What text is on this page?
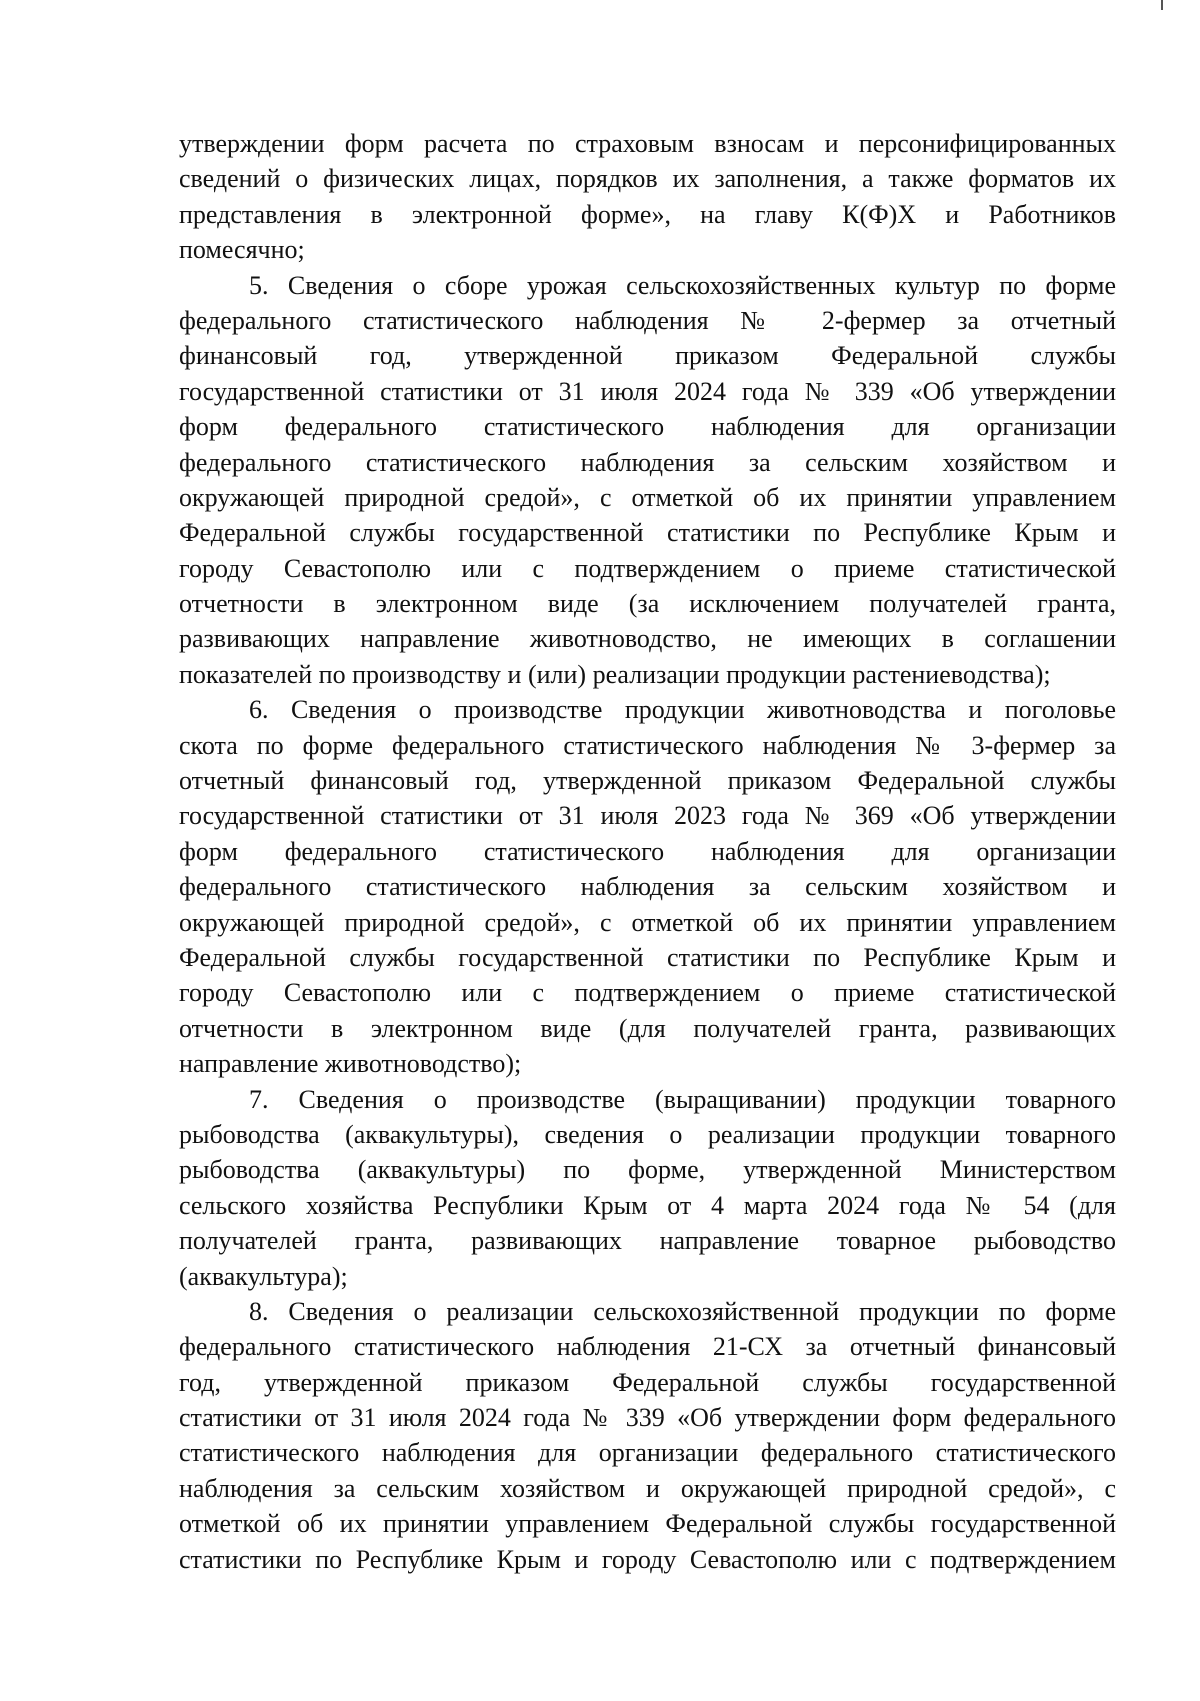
утверждении форм расчета по страховым взносам и персонифицированных
сведений о физических лицах, порядков их заполнения, а также форматов их
представления в электронной форме», на главу К(Ф)Х и Работников
помесячно;
5. Сведения о сборе урожая сельскохозяйственных культур по форме
федерального статистического наблюдения № 2-фермер за отчетный
финансовый год, утвержденной приказом Федеральной службы
государственной статистики от 31 июля 2024 года № 339 «Об утверждении
форм федерального статистического наблюдения для организации
федерального статистического наблюдения за сельским хозяйством и
окружающей природной средой», с отметкой об их принятии управлением
Федеральной службы государственной статистики по Республике Крым и
городу Севастополю или с подтверждением о приеме статистической
отчетности в электронном виде (за исключением получателей гранта,
развивающих направление животноводство, не имеющих в соглашении
показателей по производству и (или) реализации продукции растениеводства);
6. Сведения о производстве продукции животноводства и поголовье
скота по форме федерального статистического наблюдения № 3-фермер за
отчетный финансовый год, утвержденной приказом Федеральной службы
государственной статистики от 31 июля 2023 года № 369 «Об утверждении
форм федерального статистического наблюдения для организации
федерального статистического наблюдения за сельским хозяйством и
окружающей природной средой», с отметкой об их принятии управлением
Федеральной службы государственной статистики по Республике Крым и
городу Севастополю или с подтверждением о приеме статистической
отчетности в электронном виде (для получателей гранта, развивающих
направление животноводство);
7. Сведения о производстве (выращивании) продукции товарного
рыбоводства (аквакультуры), сведения о реализации продукции товарного
рыбоводства (аквакультуры) по форме, утвержденной Министерством
сельского хозяйства Республики Крым от 4 марта 2024 года № 54 (для
получателей гранта, развивающих направление товарное рыбоводство
(аквакультура);
8. Сведения о реализации сельскохозяйственной продукции по форме
федерального статистического наблюдения 21-СХ за отчетный финансовый
год, утвержденной приказом Федеральной службы государственной
статистики от 31 июля 2024 года № 339 «Об утверждении форм федерального
статистического наблюдения для организации федерального статистического
наблюдения за сельским хозяйством и окружающей природной средой», с
отметкой об их принятии управлением Федеральной службы государственной
статистики по Республике Крым и городу Севастополю или с подтверждением
